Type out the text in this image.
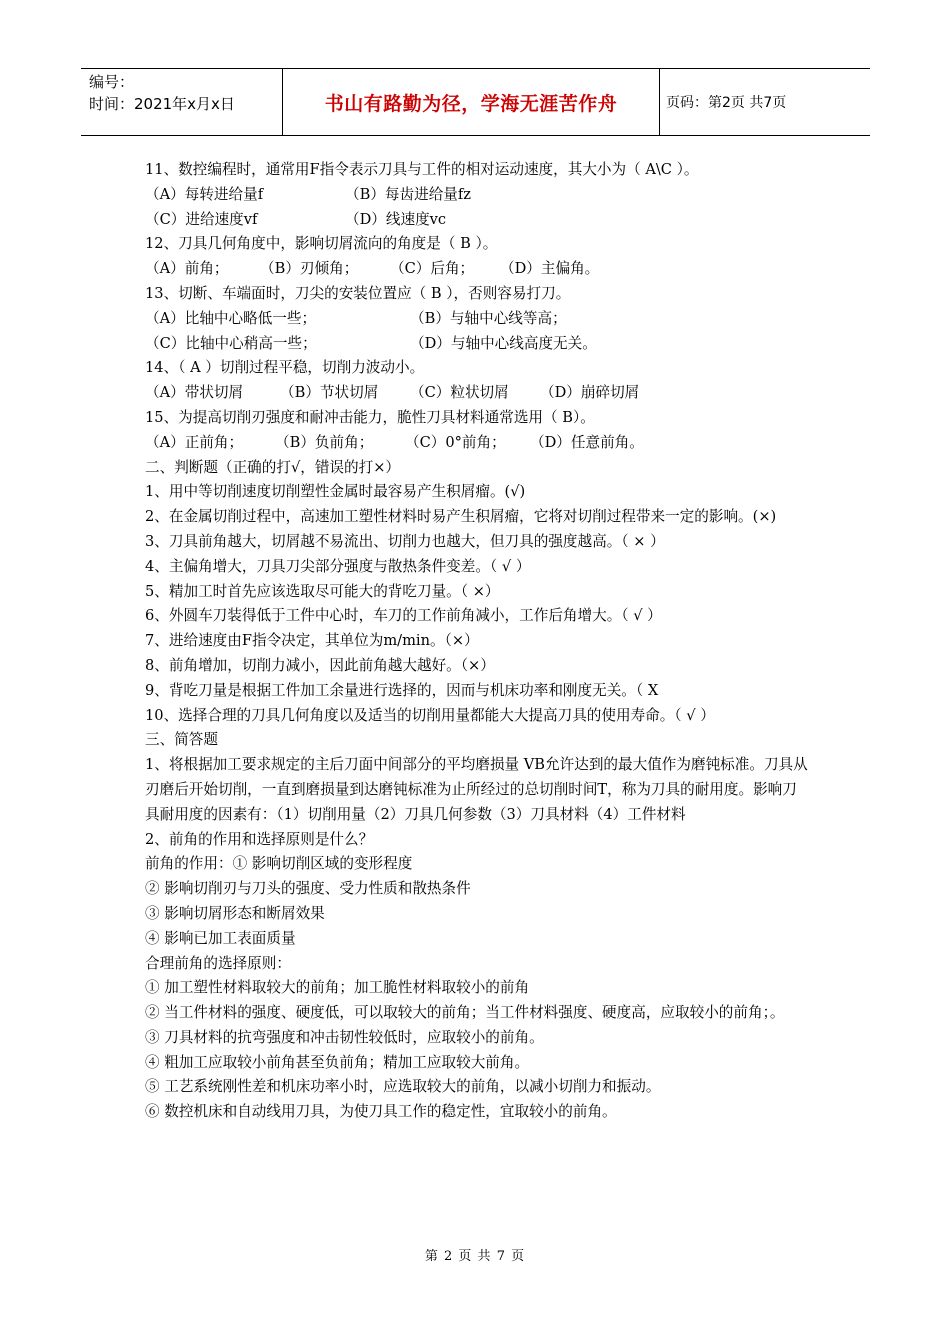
编号：
时间：2021年x月x日	书山有路勤为径，学海无涯苦作舟	页码：第2页 共7页
11、数控编程时，通常用F指令表示刀具与工件的相对运动速度，其大小为（ A\C ）。
（A）每转进给量f	（B）每齿进给量fz
（C）进给速度vf	（D）线速度vc
12、刀具几何角度中，影响切屑流向的角度是（ B ）。
（A）前角；	（B）刃倾角；	（C）后角；	（D）主偏角。
13、切断、车端面时，刀尖的安装位置应（ B ），否则容易打刀。
（A）比轴中心略低一些；	（B）与轴中心线等高；
（C）比轴中心稍高一些；	（D）与轴中心线高度无关。
14、（ A ）切削过程平稳，切削力波动小。
（A）带状切屑	（B）节状切屑	（C）粒状切屑	（D）崩碎切屑
15、为提高切削刃强度和耐冲击能力，脆性刀具材料通常选用（ B）。
（A）正前角；	（B）负前角；	（C）0°前角；	（D）任意前角。
二、判断题（正确的打√，错误的打×）
1、用中等切削速度切削塑性金属时最容易产生积屑瘤。(√)
2、在金属切削过程中，高速加工塑性材料时易产生积屑瘤，它将对切削过程带来一定的影响。(×)
3、刀具前角越大，切屑越不易流出、切削力也越大，但刀具的强度越高。（ × ）
4、主偏角增大，刀具刀尖部分强度与散热条件变差。（ √ ）
5、精加工时首先应该选取尽可能大的背吃刀量。（ ×）
6、外圆车刀装得低于工件中心时，车刀的工作前角减小，工作后角增大。（ √ ）
7、进给速度由F指令决定，其单位为m/min。（×）
8、前角增加，切削力减小，因此前角越大越好。（×）
9、背吃刀量是根据工件加工余量进行选择的，因而与机床功率和刚度无关。（ X
10、选择合理的刀具几何角度以及适当的切削用量都能大大提高刀具的使用寿命。（ √ ）
三、简答题
1、将根据加工要求规定的主后刀面中间部分的平均磨损量 VB允许达到的最大值作为磨钝标准。刀具从刃磨后开始切削，一直到磨损量到达磨钝标准为止所经过的总切削时间T，称为刀具的耐用度。影响刀具耐用度的因素有：（1）切削用量（2）刀具几何参数（3）刀具材料（4）工件材料
2、前角的作用和选择原则是什么？
前角的作用：① 影响切削区域的变形程度
② 影响切削刃与刀头的强度、受力性质和散热条件
③ 影响切屑形态和断屑效果
④ 影响已加工表面质量
合理前角的选择原则：
① 加工塑性材料取较大的前角；加工脆性材料取较小的前角
② 当工件材料的强度、硬度低，可以取较大的前角；当工件材料强度、硬度高，应取较小的前角；。
③ 刀具材料的抗弯强度和冲击韧性较低时，应取较小的前角。
④ 粗加工应取较小前角甚至负前角；精加工应取较大前角。
⑤ 工艺系统刚性差和机床功率小时，应选取较大的前角，以减小切削力和振动。
⑥ 数控机床和自动线用刀具，为使刀具工作的稳定性，宜取较小的前角。
第 2 页 共 7 页
